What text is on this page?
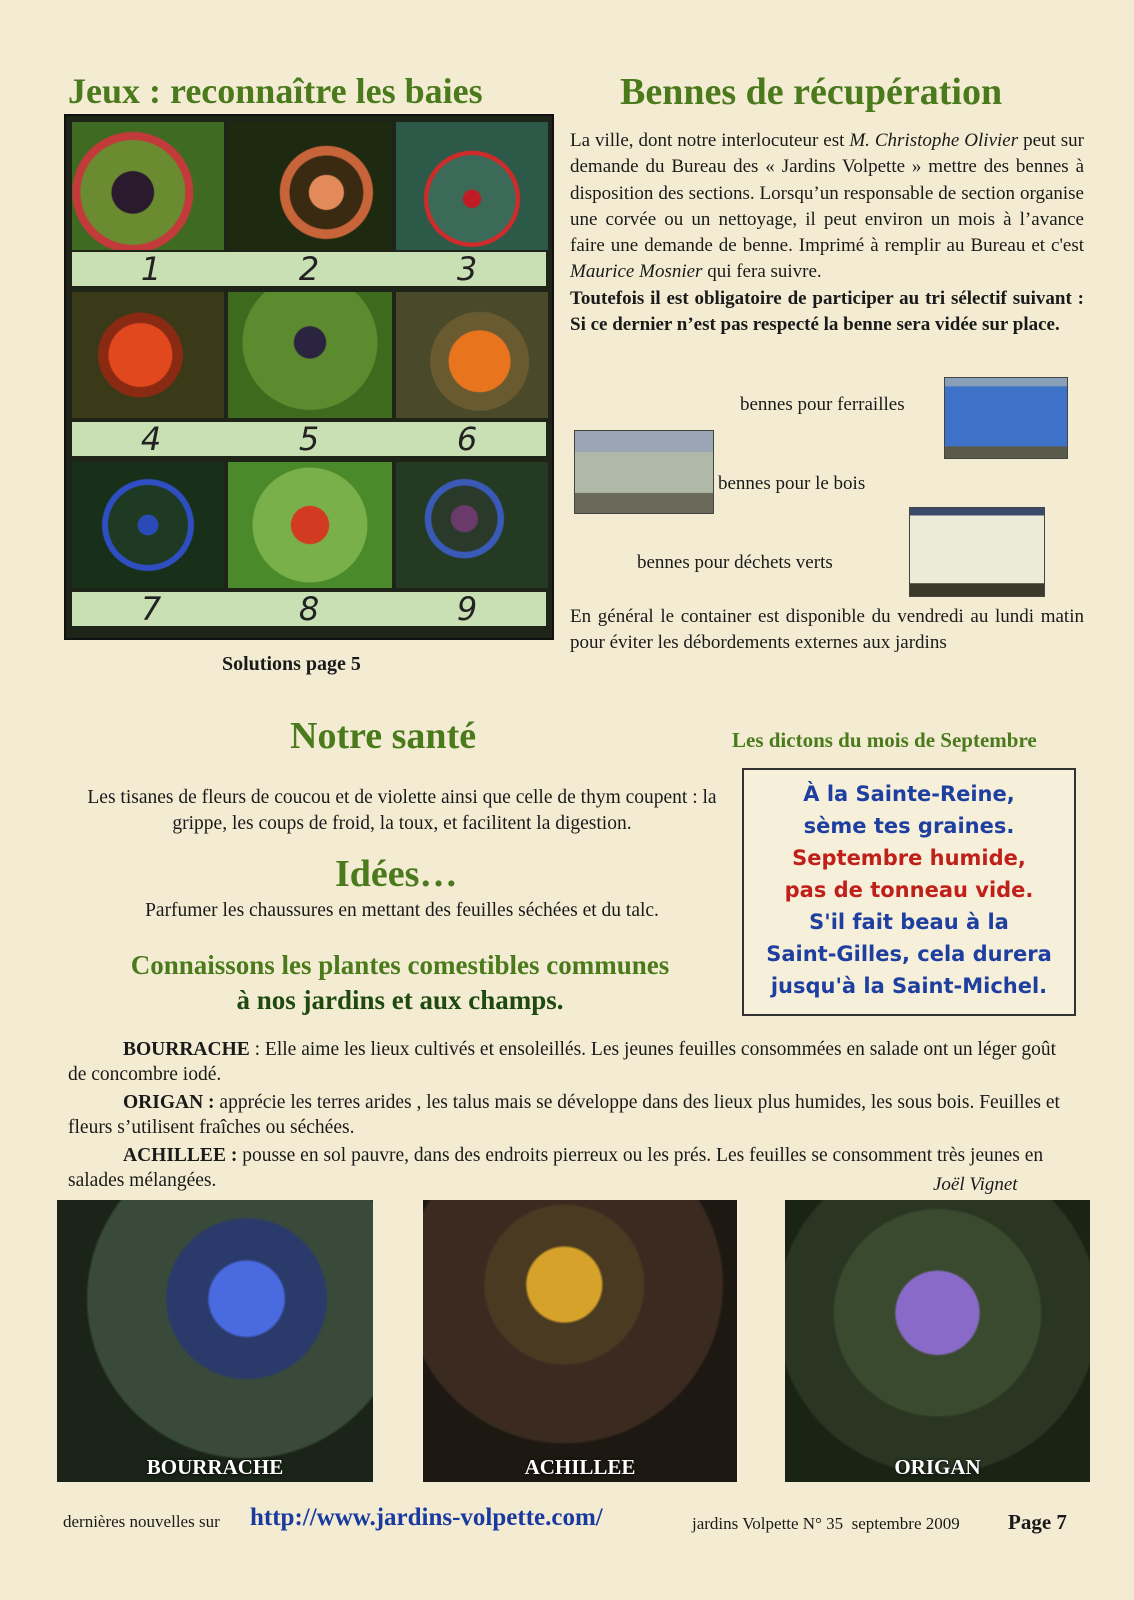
Jeux : reconnaître les baies
1	2	3
4	5	6
7	8	9
Solutions page 5
Bennes de récupération
La ville, dont notre interlocuteur est M. Christophe Olivier peut sur demande du Bureau des « Jardins Volpette » mettre des bennes à disposition des sections. Lorsqu’un responsable de section organise une corvée ou un nettoyage, il peut environ un mois à l’avance faire une demande de benne. Imprimé à remplir au Bureau et c'est Maurice Mosnier qui fera suivre.
Toutefois il est obligatoire de participer au tri sélectif suivant : Si ce dernier n’est pas respecté la benne sera vidée sur place.
bennes pour ferrailles
bennes pour le bois
bennes pour déchets verts
En général le container est disponible du vendredi au lundi matin pour éviter les débordements externes aux jardins
Notre santé
Les tisanes de fleurs de coucou et de violette ainsi que celle de thym coupent : la grippe, les coups de froid, la toux, et facilitent la digestion.
Idées…
Parfumer les chaussures en mettant des feuilles séchées et du talc.
Connaissons les plantes comestibles communes
à nos jardins et aux champs.
Les dictons du mois de Septembre
À la Sainte-Reine,
sème tes graines.
Septembre humide,
pas de tonneau vide.
S'il fait beau à la
Saint-Gilles, cela durera
jusqu'à la Saint-Michel.

BOURRACHE : Elle aime les lieux cultivés et ensoleillés. Les jeunes feuilles consommées en salade ont un léger goût de concombre iodé.

ORIGAN : apprécie les terres arides , les talus mais se développe dans des lieux plus humides, les sous bois. Feuilles et fleurs s’utilisent fraîches ou séchées.

ACHILLEE : pousse en sol pauvre, dans des endroits pierreux ou les prés. Les feuilles se consomment très jeunes en salades mélangées.	Joël Vignet
BOURRACHE	ACHILLEE	ORIGAN
dernières nouvelles sur http://www.jardins-volpette.com/	jardins Volpette N° 35  septembre 2009 Page 7
